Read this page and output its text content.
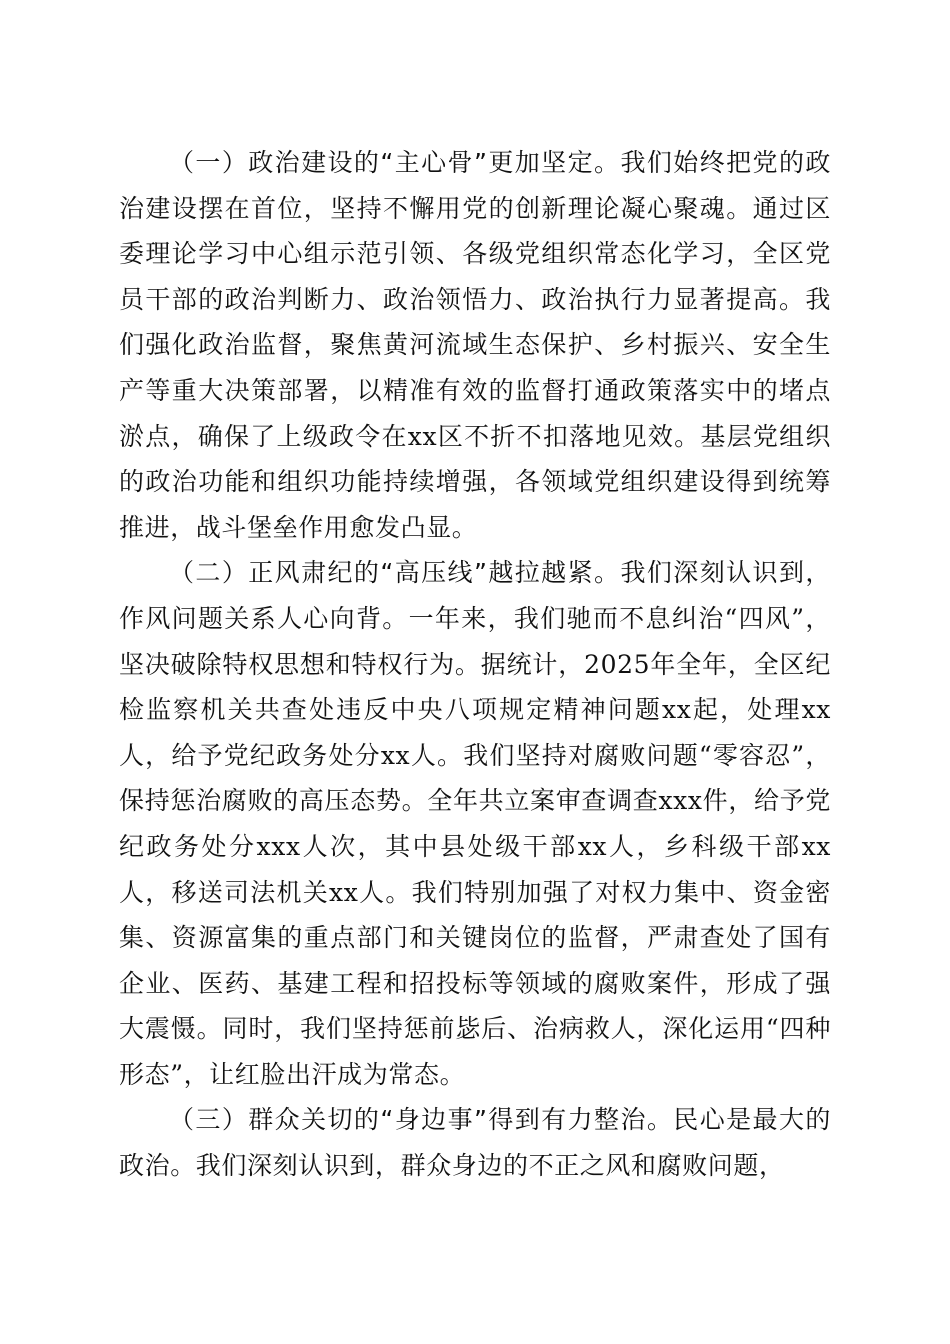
（一）政治建设的“主心骨”更加坚定。我们始终把党的政治建设摆在首位，坚持不懈用党的创新理论凝心聚魂。通过区委理论学习中心组示范引领、各级党组织常态化学习，全区党员干部的政治判断力、政治领悟力、政治执行力显著提高。我们强化政治监督，聚焦黄河流域生态保护、乡村振兴、安全生产等重大决策部署，以精准有效的监督打通政策落实中的堵点淤点，确保了上级政令在xx区不折不扣落地见效。基层党组织的政治功能和组织功能持续增强，各领域党组织建设得到统筹推进，战斗堡垒作用愈发凸显。

（二）正风肃纪的“高压线”越拉越紧。我们深刻认识到，作风问题关系人心向背。一年来，我们驰而不息纠治“四风”，坚决破除特权思想和特权行为。据统计，2025年全年，全区纪检监察机关共查处违反中央八项规定精神问题xx起，处理xx人，给予党纪政务处分xx人。我们坚持对腐败问题“零容忍”，保持惩治腐败的高压态势。全年共立案审查调查xxx件，给予党纪政务处分xxx人次，其中县处级干部xx人，乡科级干部xx人，移送司法机关xx人。我们特别加强了对权力集中、资金密集、资源富集的重点部门和关键岗位的监督，严肃查处了国有企业、医药、基建工程和招投标等领域的腐败案件，形成了强大震慑。同时，我们坚持惩前毖后、治病救人，深化运用“四种形态”，让红脸出汗成为常态。

（三）群众关切的“身边事”得到有力整治。民心是最大的政治。我们深刻认识到，群众身边的不正之风和腐败问题，
